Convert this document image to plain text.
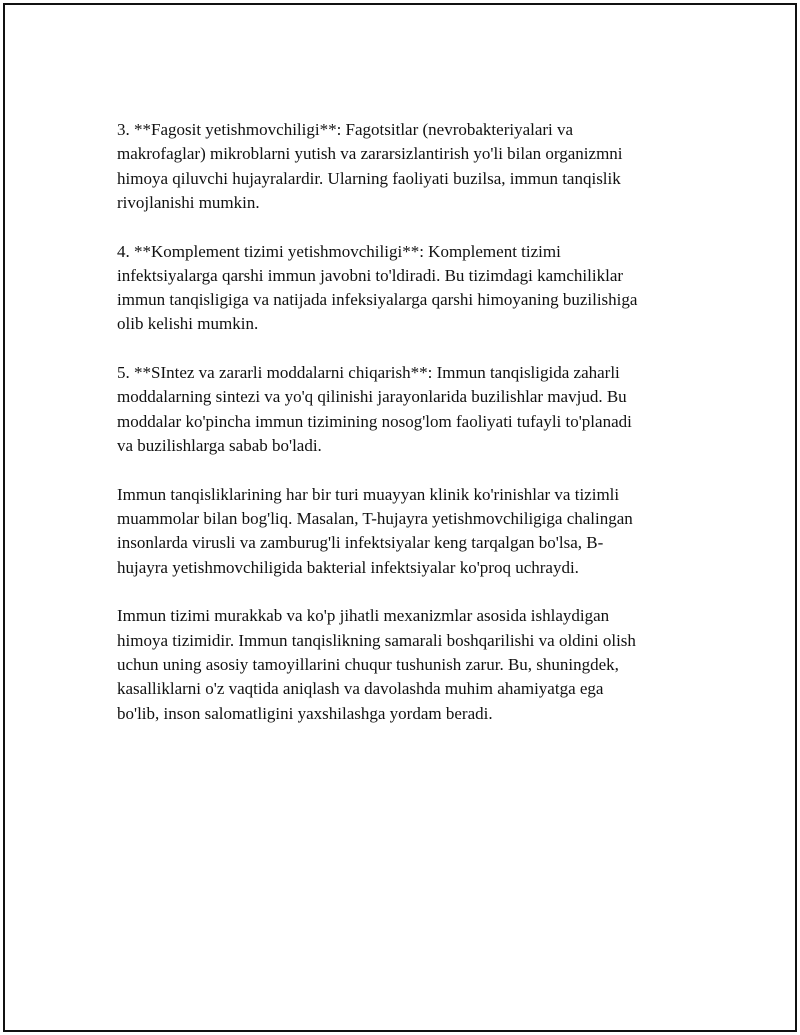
3. **Fagosit yetishmovchiligi**: Fagotsitlar (nevrobakteriyalari va
makrofaglar) mikroblarni yutish va zararsizlantirish yo'li bilan organizmni
himoya qiluvchi hujayralardir. Ularning faoliyati buzilsa, immun tanqislik
rivojlanishi mumkin.

4. **Komplement tizimi yetishmovchiligi**: Komplement tizimi
infektsiyalarga qarshi immun javobni to'ldiradi. Bu tizimdagi kamchiliklar
immun tanqisligiga va natijada infeksiyalarga qarshi himoyaning buzilishiga
olib kelishi mumkin.

5. **SIntez va zararli moddalarni chiqarish**: Immun tanqisligida zaharli
moddalarning sintezi va yo'q qilinishi jarayonlarida buzilishlar mavjud. Bu
moddalar ko'pincha immun tizimining nosog'lom faoliyati tufayli to'planadi
va buzilishlarga sabab bo'ladi.

Immun tanqisliklarining har bir turi muayyan klinik ko'rinishlar va tizimli
muammolar bilan bog'liq. Masalan, T-hujayra yetishmovchiligiga chalingan
insonlarda virusli va zamburug'li infektsiyalar keng tarqalgan bo'lsa, B-
hujayra yetishmovchiligida bakterial infektsiyalar ko'proq uchraydi.

Immun tizimi murakkab va ko'p jihatli mexanizmlar asosida ishlaydigan
himoya tizimidir. Immun tanqislikning samarali boshqarilishi va oldini olish
uchun uning asosiy tamoyillarini chuqur tushunish zarur. Bu, shuningdek,
kasalliklarni o'z vaqtida aniqlash va davolashda muhim ahamiyatga ega
bo'lib, inson salomatligini yaxshilashga yordam beradi.
